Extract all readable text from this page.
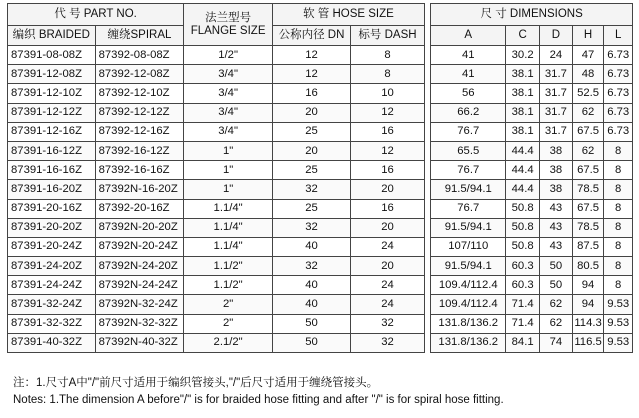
代 号 PART NO.		法兰型号
FLANGE SIZE	软 管 HOSE SIZE			尺 寸 DIMENSIONS				
编织 BRAIDED	缠绕SPIRAL		公称内径 DN	标号 DASH		A	C	D	H	L
87391-08-08Z	87392-08-08Z	1/2"	12	8		41	30.2	24	47	6.73
87391-12-08Z	87392-12-08Z	3/4"	12	8		41	38.1	31.7	48	6.73
87391-12-10Z	87392-12-10Z	3/4"	16	10		56	38.1	31.7	52.5	6.73
87391-12-12Z	87392-12-12Z	3/4"	20	12		66.2	38.1	31.7	62	6.73
87391-12-16Z	87392-12-16Z	3/4"	25	16		76.7	38.1	31.7	67.5	6.73
87391-16-12Z	87392-16-12Z	1"	20	12		65.5	44.4	38	62	8
87391-16-16Z	87392-16-16Z	1"	25	16		76.7	44.4	38	67.5	8
87391-16-20Z	87392N-16-20Z	1"	32	20		91.5/94.1	44.4	38	78.5	8
87391-20-16Z	87392-20-16Z	1.1/4"	25	16		76.7	50.8	43	67.5	8
87391-20-20Z	87392N-20-20Z	1.1/4"	32	20		91.5/94.1	50.8	43	78.5	8
87391-20-24Z	87392N-20-24Z	1.1/4"	40	24		107/110	50.8	43	87.5	8
87391-24-20Z	87392N-24-20Z	1.1/2"	32	20		91.5/94.1	60.3	50	80.5	8
87391-24-24Z	87392N-24-24Z	1.1/2"	40	24		109.4/112.4	60.3	50	94	8
87391-32-24Z	87392N-32-24Z	2"	40	24		109.4/112.4	71.4	62	94	9.53
87391-32-32Z	87392N-32-32Z	2"	50	32		131.8/136.2	71.4	62	114.3	9.53
87391-40-32Z	87392N-40-32Z	2.1/2"	50	32		131.8/136.2	84.1	74	116.5	9.53
注：1.尺寸A中"/"前尺寸适用于编织管接头,"/"后尺寸适用于缠绕管接头。
Notes: 1.The dimension A before"/" is for braided hose fitting and after "/" is for spiral hose fitting.
